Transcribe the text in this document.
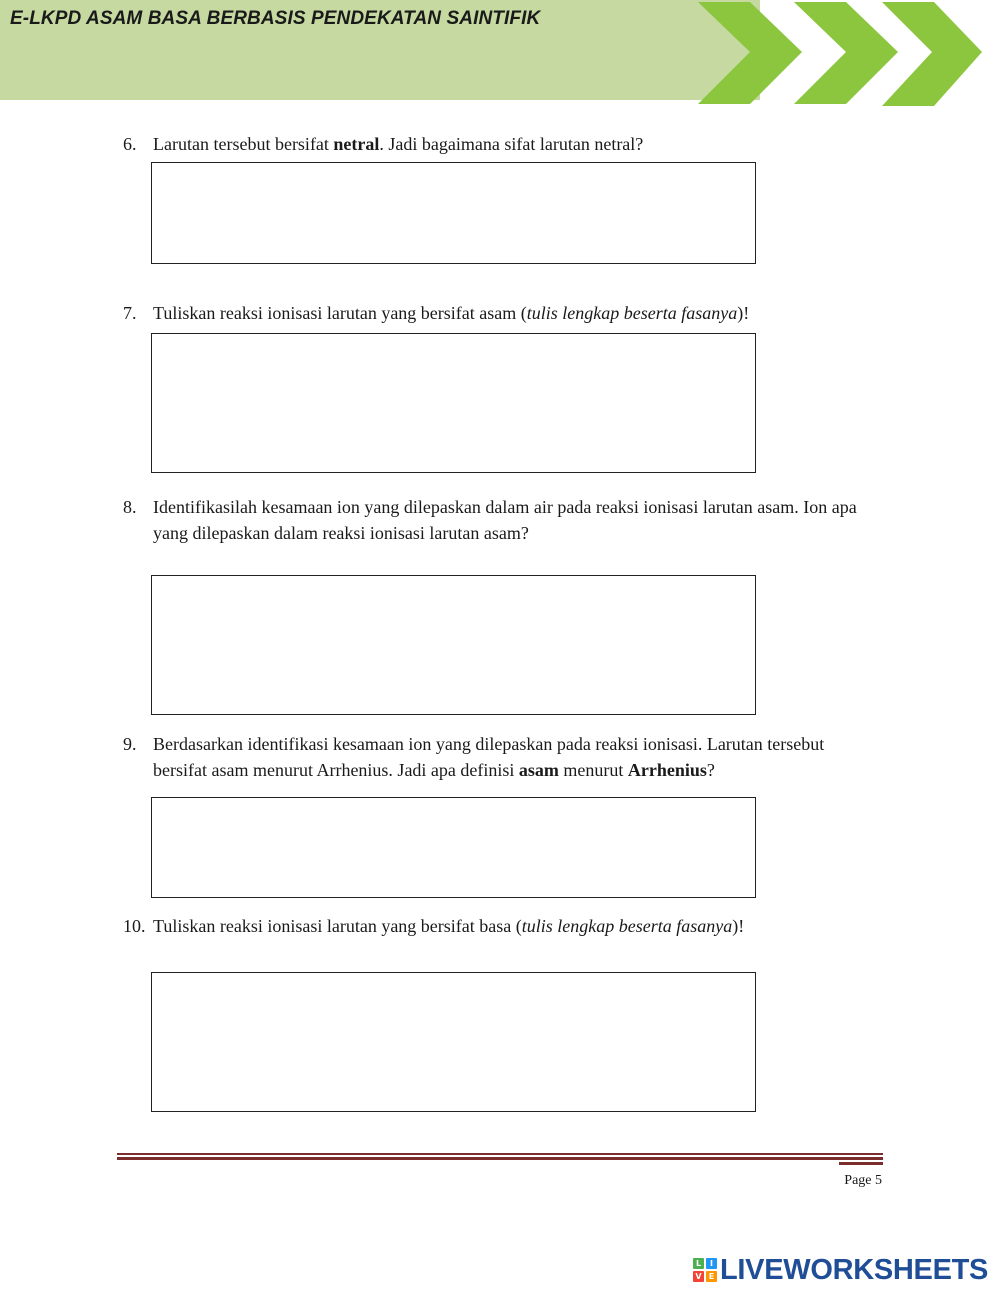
E-LKPD ASAM BASA BERBASIS PENDEKATAN SAINTIFIK
6. Larutan tersebut bersifat netral. Jadi bagaimana sifat larutan netral?
7. Tuliskan reaksi ionisasi larutan yang bersifat asam (tulis lengkap beserta fasanya)!
8. Identifikasilah kesamaan ion yang dilepaskan dalam air pada reaksi ionisasi larutan asam. Ion apa yang dilepaskan dalam reaksi ionisasi larutan asam?
9. Berdasarkan identifikasi kesamaan ion yang dilepaskan pada reaksi ionisasi. Larutan tersebut bersifat asam menurut Arrhenius. Jadi apa definisi asam menurut Arrhenius?
10. Tuliskan reaksi ionisasi larutan yang bersifat basa (tulis lengkap beserta fasanya)!
Page 5
L	I
V E LIVEWORKSHEETS
